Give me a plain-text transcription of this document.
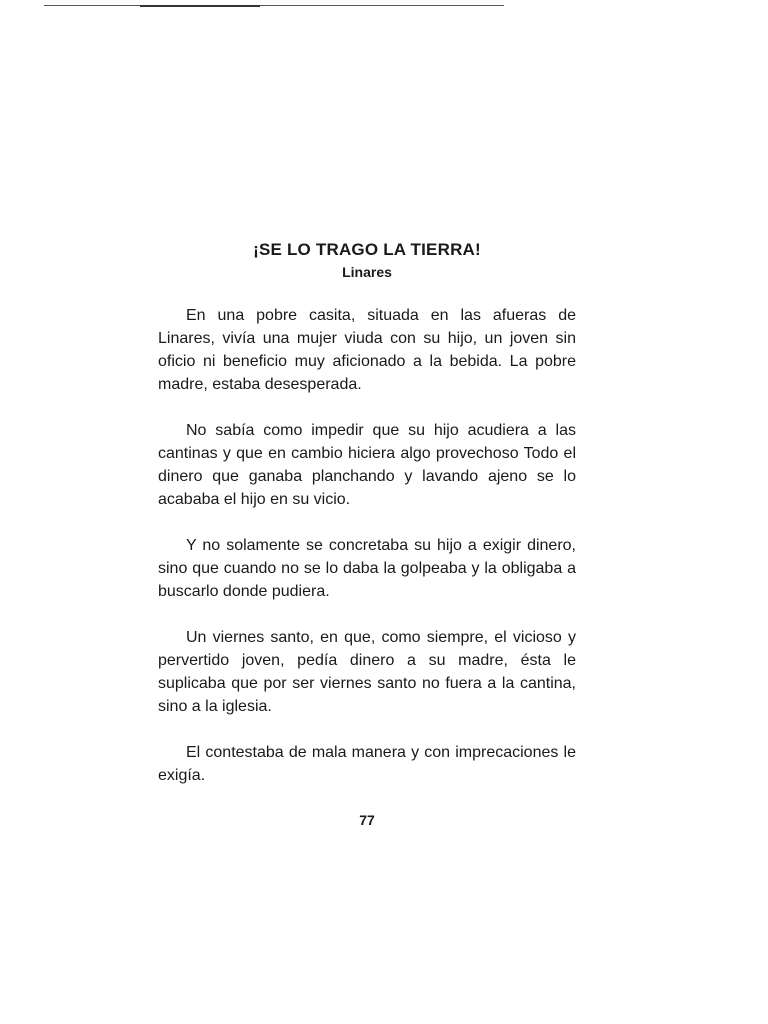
¡SE LO TRAGO LA TIERRA!
Linares

En una pobre casita, situada en las afueras de Linares, vivía una mujer viuda con su hijo, un joven sin oficio ni beneficio muy aficionado a la bebida. La pobre madre, estaba desesperada.

No sabía como impedir que su hijo acudiera a las cantinas y que en cambio hiciera algo provechoso Todo el dinero que ganaba planchando y lavando ajeno se lo acababa el hijo en su vicio.

Y no solamente se concretaba su hijo a exigir dinero, sino que cuando no se lo daba la golpeaba y la obligaba a buscarlo donde pudiera.

Un viernes santo, en que, como siempre, el vicioso y pervertido joven, pedía dinero a su madre, ésta le suplicaba que por ser viernes santo no fuera a la cantina, sino a la iglesia.

El contestaba de mala manera y con imprecaciones le exigía.

77
